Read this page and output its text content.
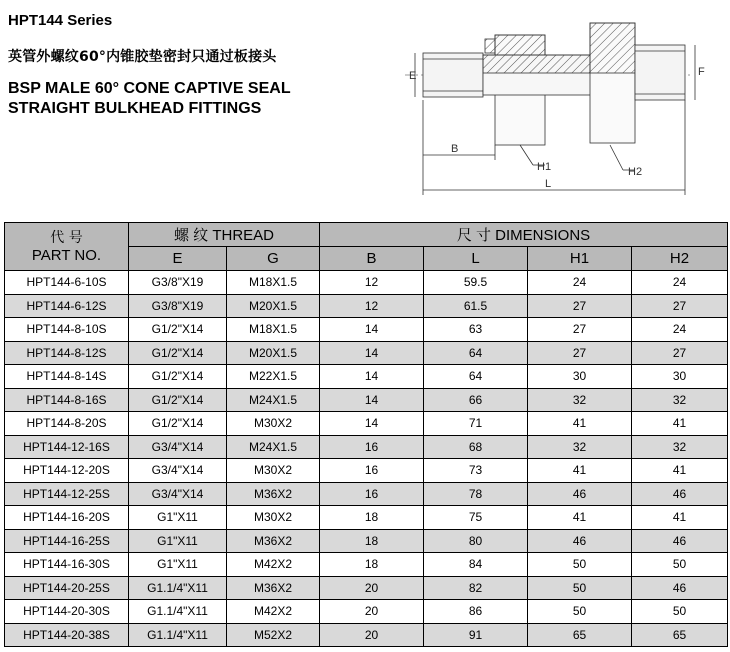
HPT144 Series
英管外螺纹60°内锥胶垫密封只通过板接头
BSP MALE 60° CONE CAPTIVE SEAL
STRAIGHT BULKHEAD FITTINGS
E	F
B
H1	H2
L
代 号
PART NO.	螺 纹 THREAD		尺 寸 DIMENSIONS			
	E	G	B	L	H1	H2
HPT144-6-10S	G3/8"X19	M18X1.5	12	59.5	24	24
HPT144-6-12S	G3/8"X19	M20X1.5	12	61.5	27	27
HPT144-8-10S	G1/2"X14	M18X1.5	14	63	27	24
HPT144-8-12S	G1/2"X14	M20X1.5	14	64	27	27
HPT144-8-14S	G1/2"X14	M22X1.5	14	64	30	30
HPT144-8-16S	G1/2"X14	M24X1.5	14	66	32	32
HPT144-8-20S	G1/2"X14	M30X2	14	71	41	41
HPT144-12-16S	G3/4"X14	M24X1.5	16	68	32	32
HPT144-12-20S	G3/4"X14	M30X2	16	73	41	41
HPT144-12-25S	G3/4"X14	M36X2	16	78	46	46
HPT144-16-20S	G1"X11	M30X2	18	75	41	41
HPT144-16-25S	G1"X11	M36X2	18	80	46	46
HPT144-16-30S	G1"X11	M42X2	18	84	50	50
HPT144-20-25S	G1.1/4"X11	M36X2	20	82	50	46
HPT144-20-30S	G1.1/4"X11	M42X2	20	86	50	50
HPT144-20-38S	G1.1/4"X11	M52X2	20	91	65	65
